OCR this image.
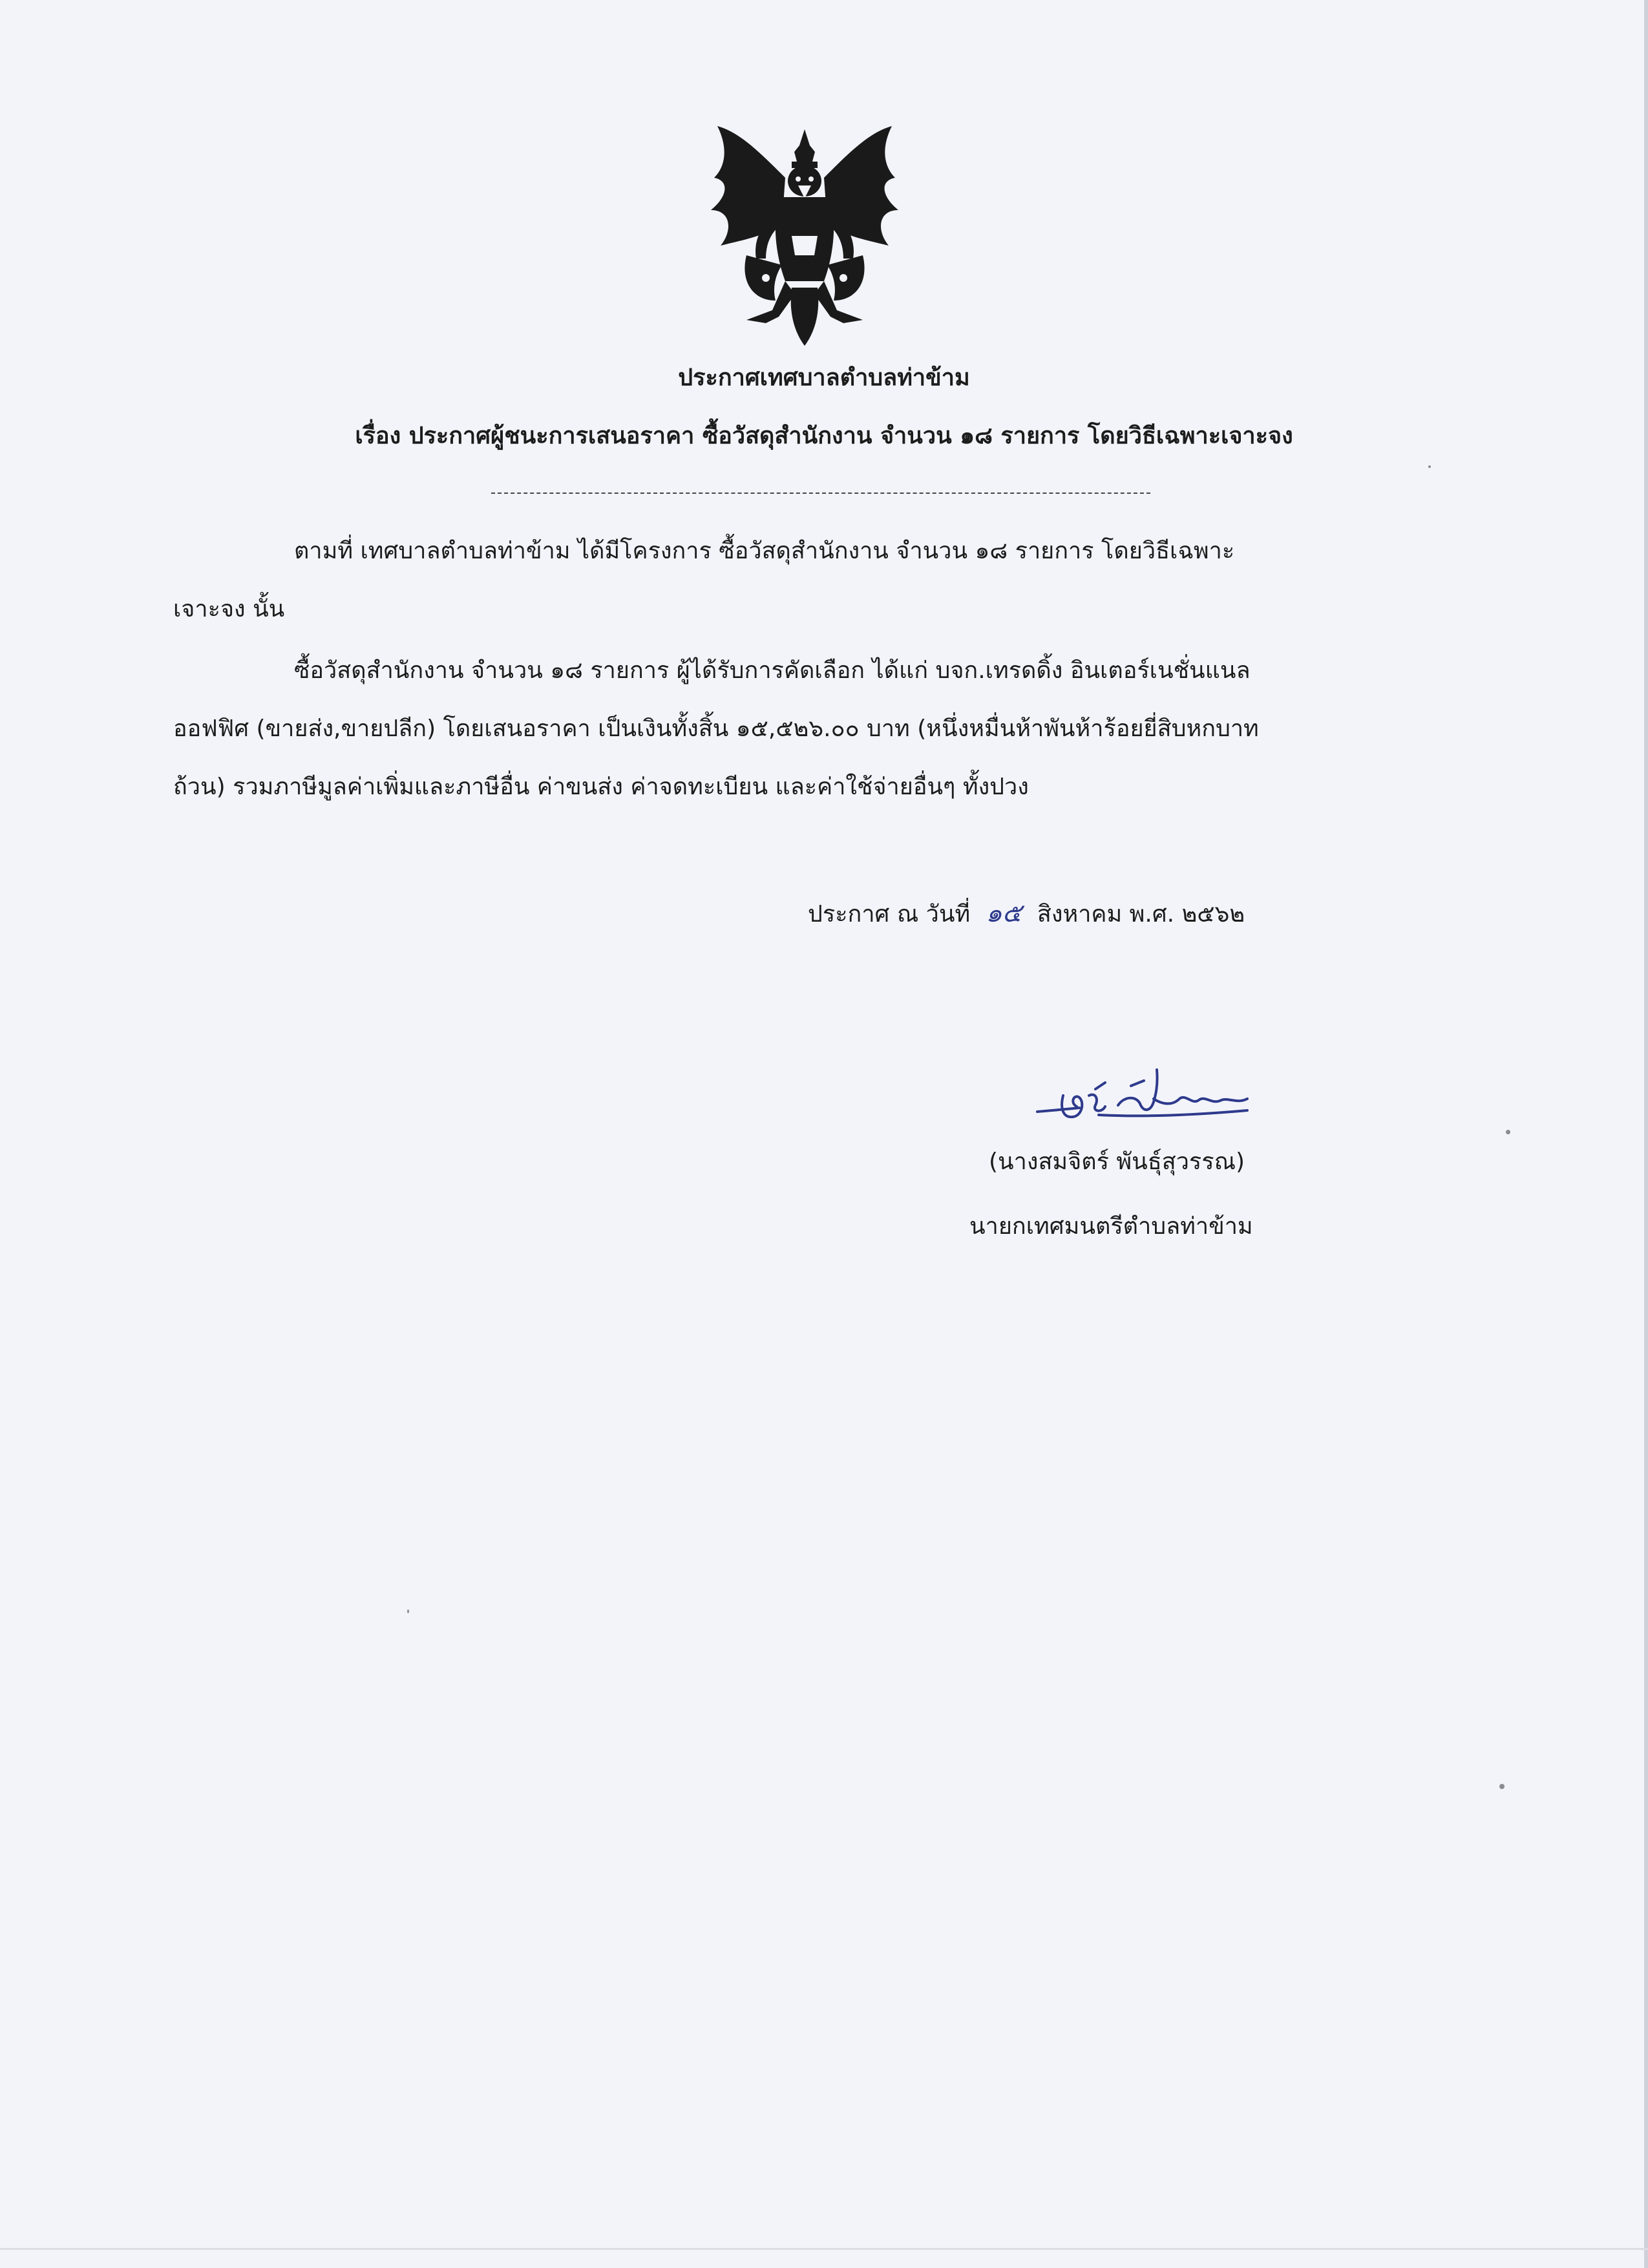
ประกาศเทศบาลตำบลท่าข้าม
เรื่อง ประกาศผู้ชนะการเสนอราคา ซื้อวัสดุสำนักงาน จำนวน ๑๘ รายการ โดยวิธีเฉพาะเจาะจง
ตามที่ เทศบาลตำบลท่าข้าม ได้มีโครงการ ซื้อวัสดุสำนักงาน จำนวน ๑๘ รายการ โดยวิธีเฉพาะ
เจาะจง นั้น
ซื้อวัสดุสำนักงาน จำนวน ๑๘ รายการ ผู้ได้รับการคัดเลือก ได้แก่ บจก.เทรดดิ้ง อินเตอร์เนชั่นแนล
ออฟฟิศ (ขายส่ง,ขายปลีก) โดยเสนอราคา เป็นเงินทั้งสิ้น ๑๕,๕๒๖.๐๐ บาท (หนึ่งหมื่นห้าพันห้าร้อยยี่สิบหกบาท
ถ้วน) รวมภาษีมูลค่าเพิ่มและภาษีอื่น ค่าขนส่ง ค่าจดทะเบียน และค่าใช้จ่ายอื่นๆ ทั้งปวง
ประกาศ ณ วันที่ ๑๕ สิงหาคม พ.ศ. ๒๕๖๒
(นางสมจิตร์ พันธุ์สุวรรณ)
นายกเทศมนตรีตำบลท่าข้าม
